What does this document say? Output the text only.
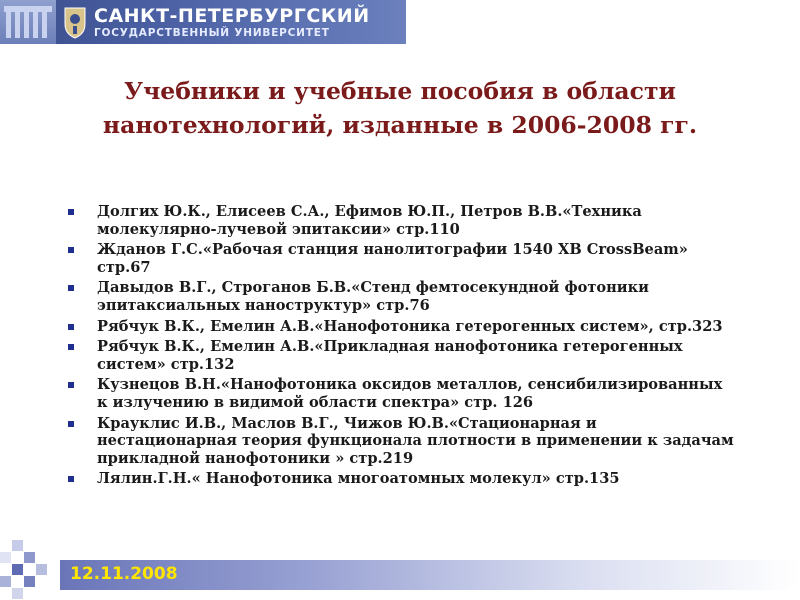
САНКТ-ПЕТЕРБУРГСКИЙ
ГОСУДАРСТВЕННЫЙ УНИВЕРСИТЕТ
Учебники и учебные пособия в области
нанотехнологий, изданные в 2006-2008 гг.
Долгих Ю.К., Елисеев С.А., Ефимов Ю.П., Петров В.В.«Техника
молекулярно-лучевой эпитаксии» стр.110
Жданов Г.С.«Рабочая станция нанолитографии 1540 XB CrossBeam»
стр.67
Давыдов В.Г., Строганов Б.В.«Стенд фемтосекундной фотоники
эпитаксиальных наноструктур» стр.76
Рябчук В.К., Емелин А.В.«Нанофотоника гетерогенных систем», стр.323
Рябчук В.К., Емелин А.В.«Прикладная нанофотоника гетерогенных
систем» стр.132
Кузнецов В.Н.«Нанофотоника оксидов металлов, сенсибилизированных
к излучению в видимой области спектра» стр. 126
Крауклис И.В., Маслов В.Г., Чижов Ю.В.«Стационарная и
нестационарная теория функционала плотности в применении к задачам
прикладной нанофотоники » стр.219
Лялин.Г.Н.« Нанофотоника многоатомных молекул» стр.135
12.11.2008
